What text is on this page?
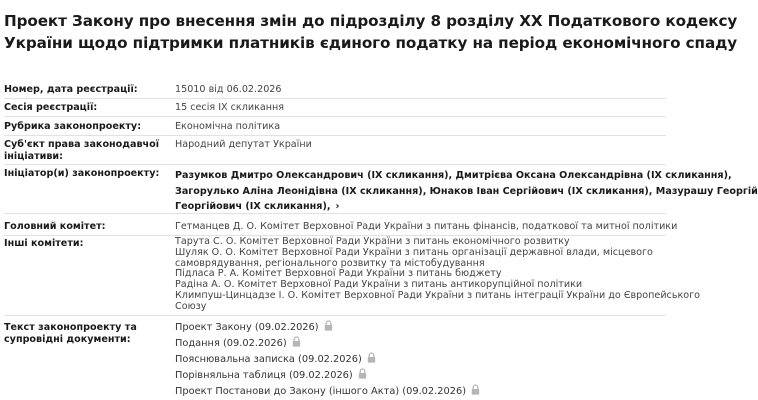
Проект Закону про внесення змін до підрозділу 8 розділу ХХ Податкового кодексу
України щодо підтримки платників єдиного податку на період економічного спаду
Номер, дата реєстрації:	15010 від 06.02.2026
Сесія реєстрації:	15 сесія IX скликання
Рубрика законопроекту:	Економічна політика
Суб'єкт права законодавчої
ініціативи:
Народний депутат України
Ініціатор(и) законопроекту: Разумков Дмитро Олександрович (IX скликання), Дмитрієва Оксана Олександрівна (IX скликання),
Загорулько Аліна Леонідівна (IX скликання), Юнаков Іван Сергійович (IX скликання), Мазурашу Георгій
Георгійович (IX скликання), ›
Головний комітет:	Гетманцев Д. О. Комітет Верховної Ради України з питань фінансів, податкової та митної політики
Інші комітети:	Тарута С. О. Комітет Верховної Ради України з питань економічного розвитку
Шуляк О. О. Комітет Верховної Ради України з питань організації державної влади, місцевого
самоврядування, регіонального розвитку та містобудування
Підласа Р. А. Комітет Верховної Ради України з питань бюджету
Радіна А. О. Комітет Верховної Ради України з питань антикорупційної політики
Климпуш-Цинцадзе І. О. Комітет Верховної Ради України з питань інтеграції України до Європейського
Союзу
Текст законопроекту та
супровідні документи:
Проект Закону (09.02.2026)
Подання (09.02.2026)
Пояснювальна записка (09.02.2026)
Порівняльна таблиця (09.02.2026)
Проект Постанови до Закону (іншого Акта) (09.02.2026)
